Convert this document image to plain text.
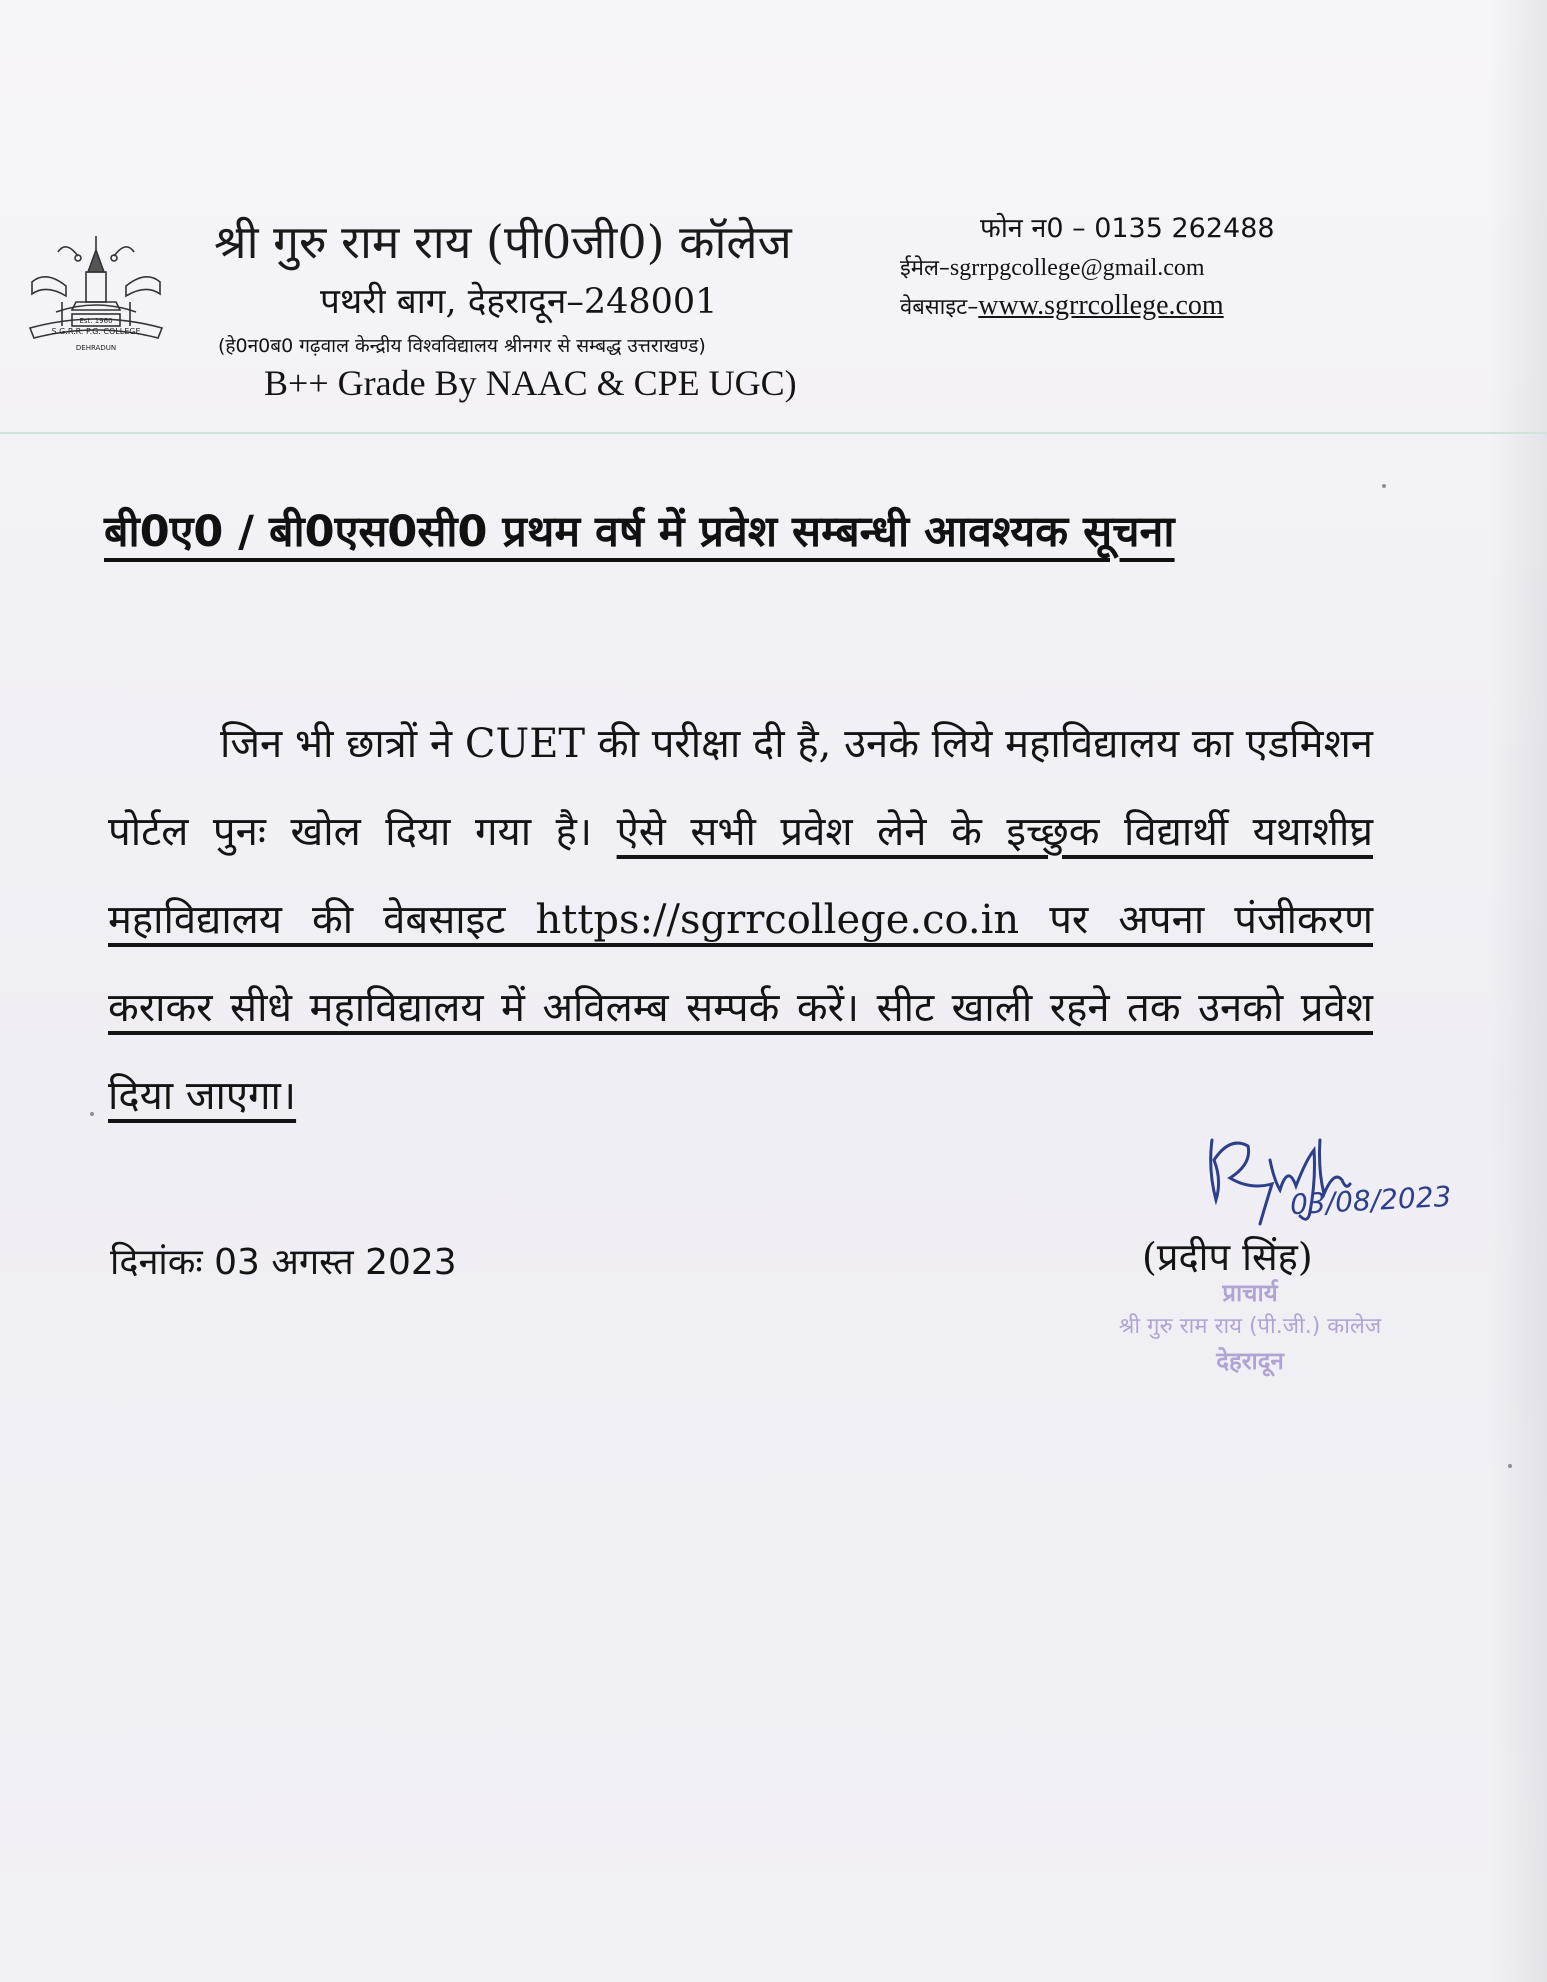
Est. 1960
S.G.R.R. P.G. COLLEGE
DEHRADUN
श्री गुरु राम राय (पी0जी0) कॉलेज
पथरी बाग, देहरादून–248001
(हे0न0ब0 गढ़वाल केन्द्रीय विश्वविद्यालय श्रीनगर से सम्बद्ध उत्तराखण्ड)
B++ Grade By NAAC & CPE UGC)
फोन न0 – 0135 262488
ईमेल–sgrrpgcollege@gmail.com
वेबसाइट–www.sgrrcollege.com
बी0ए0 / बी0एस0सी0 प्रथम वर्ष में प्रवेश सम्बन्धी आवश्यक सूचना
जिन भी छात्रों ने CUET की परीक्षा दी है, उनके लिये महाविद्यालय का एडमिशन पोर्टल पुनः खोल दिया गया है। ऐसे सभी प्रवेश लेने के इच्छुक विद्यार्थी यथाशीघ्र महाविद्यालय की वेबसाइट https://sgrrcollege.co.in पर अपना पंजीकरण कराकर सीधे महाविद्यालय में अविलम्ब सम्पर्क करें। सीट खाली रहने तक उनको प्रवेश दिया जाएगा।
दिनांकः 03 अगस्त 2023
03/08/2023
(प्रदीप सिंह)
प्राचार्य
श्री गुरु राम राय (पी.जी.) कालेज
देहरादून
